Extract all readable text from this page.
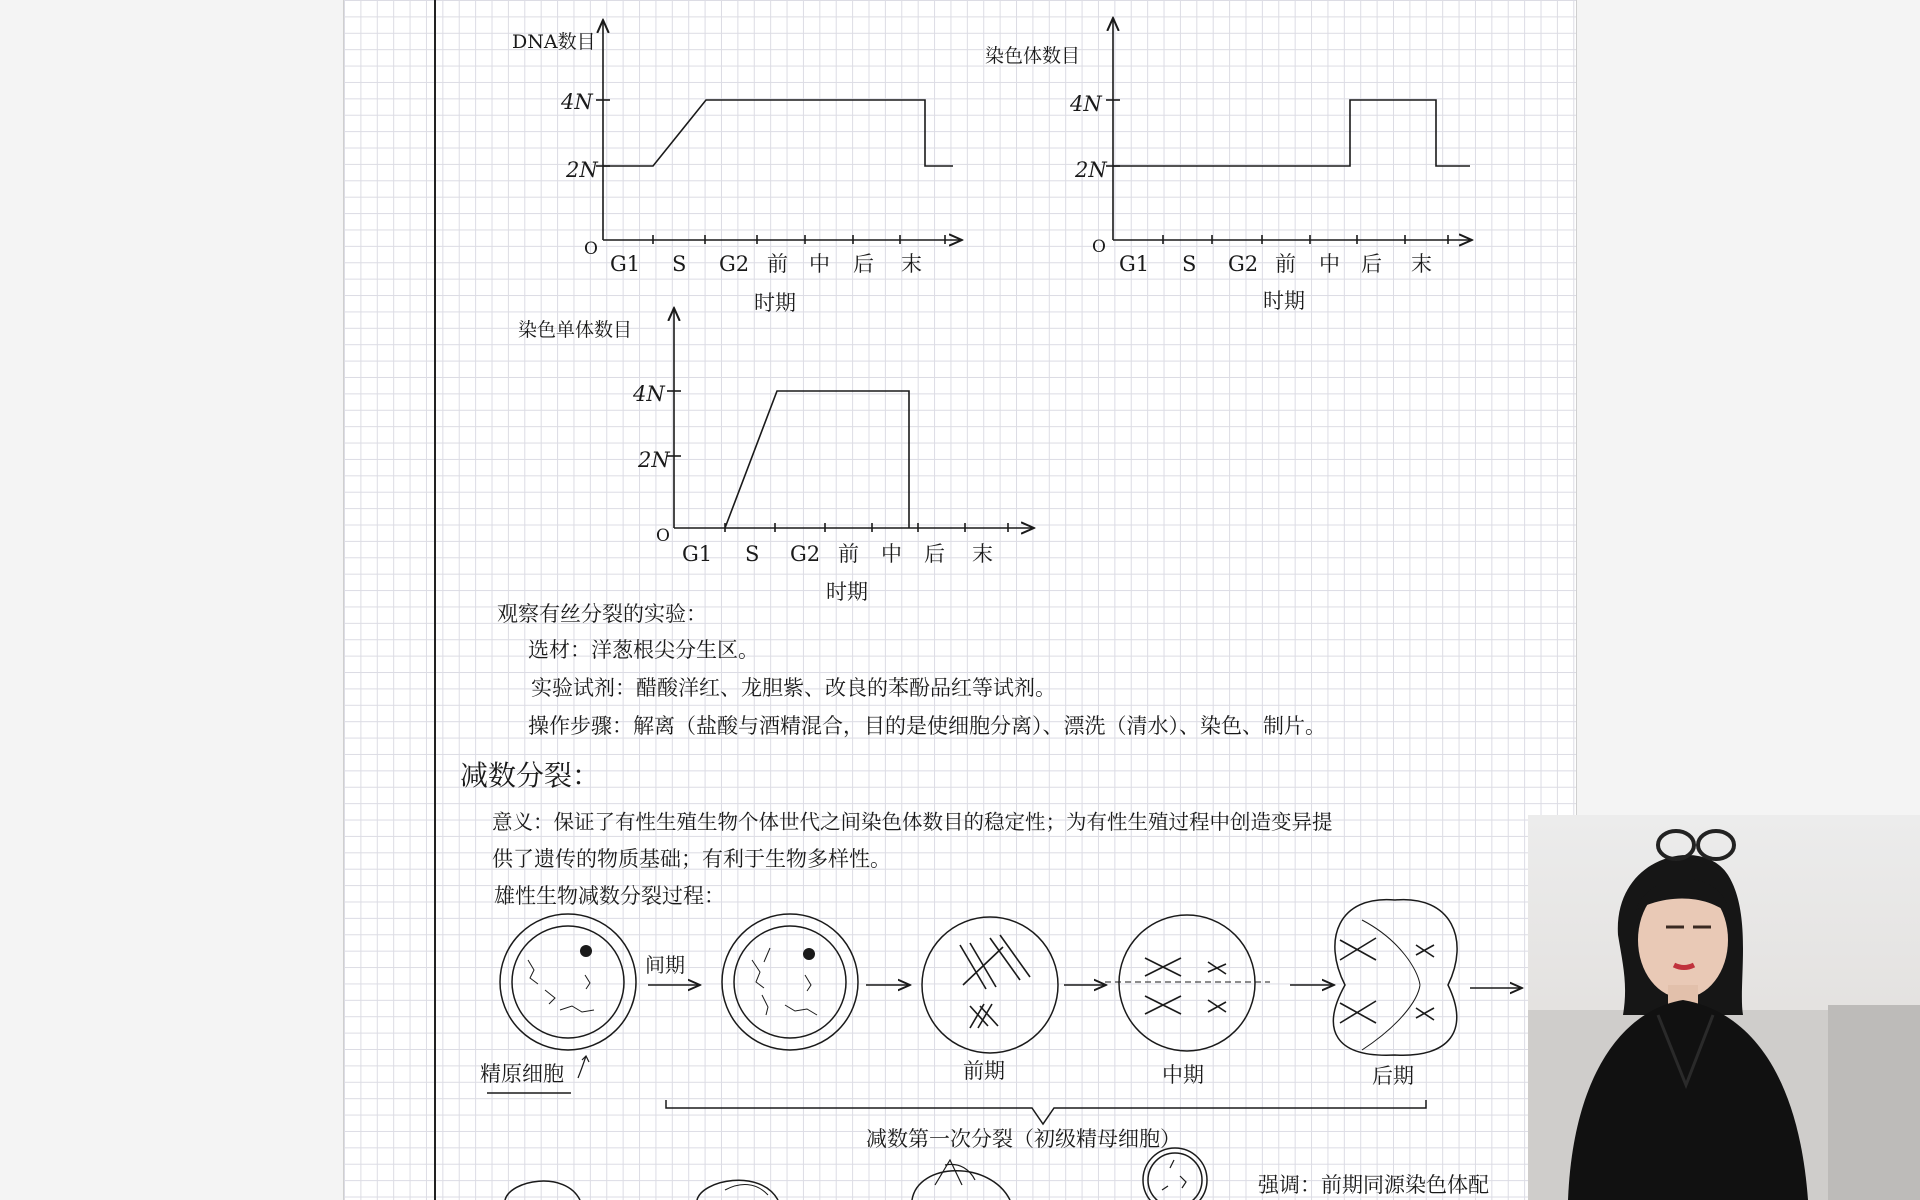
DNA数目
4N
2N
O
G1 S G2 前 中 后 末
时期
染色体数目
4N
2N
O
G1 S G2 前 中 后 末
时期
染色单体数目
4N
2N
O
G1 S G2 前 中 后 末
时期
精原细胞
间期
前期	中期	后期
减数第一次分裂（初级精母细胞）
强调：前期同源染色体配
观察有丝分裂的实验：
选材：洋葱根尖分生区。
实验试剂：醋酸洋红、龙胆紫、改良的苯酚品红等试剂。
操作步骤：解离（盐酸与酒精混合，目的是使细胞分离）、漂洗（清水）、染色、制片。
减数分裂：
意义：保证了有性生殖生物个体世代之间染色体数目的稳定性；为有性生殖过程中创造变异提
供了遗传的物质基础；有利于生物多样性。
雄性生物减数分裂过程：
